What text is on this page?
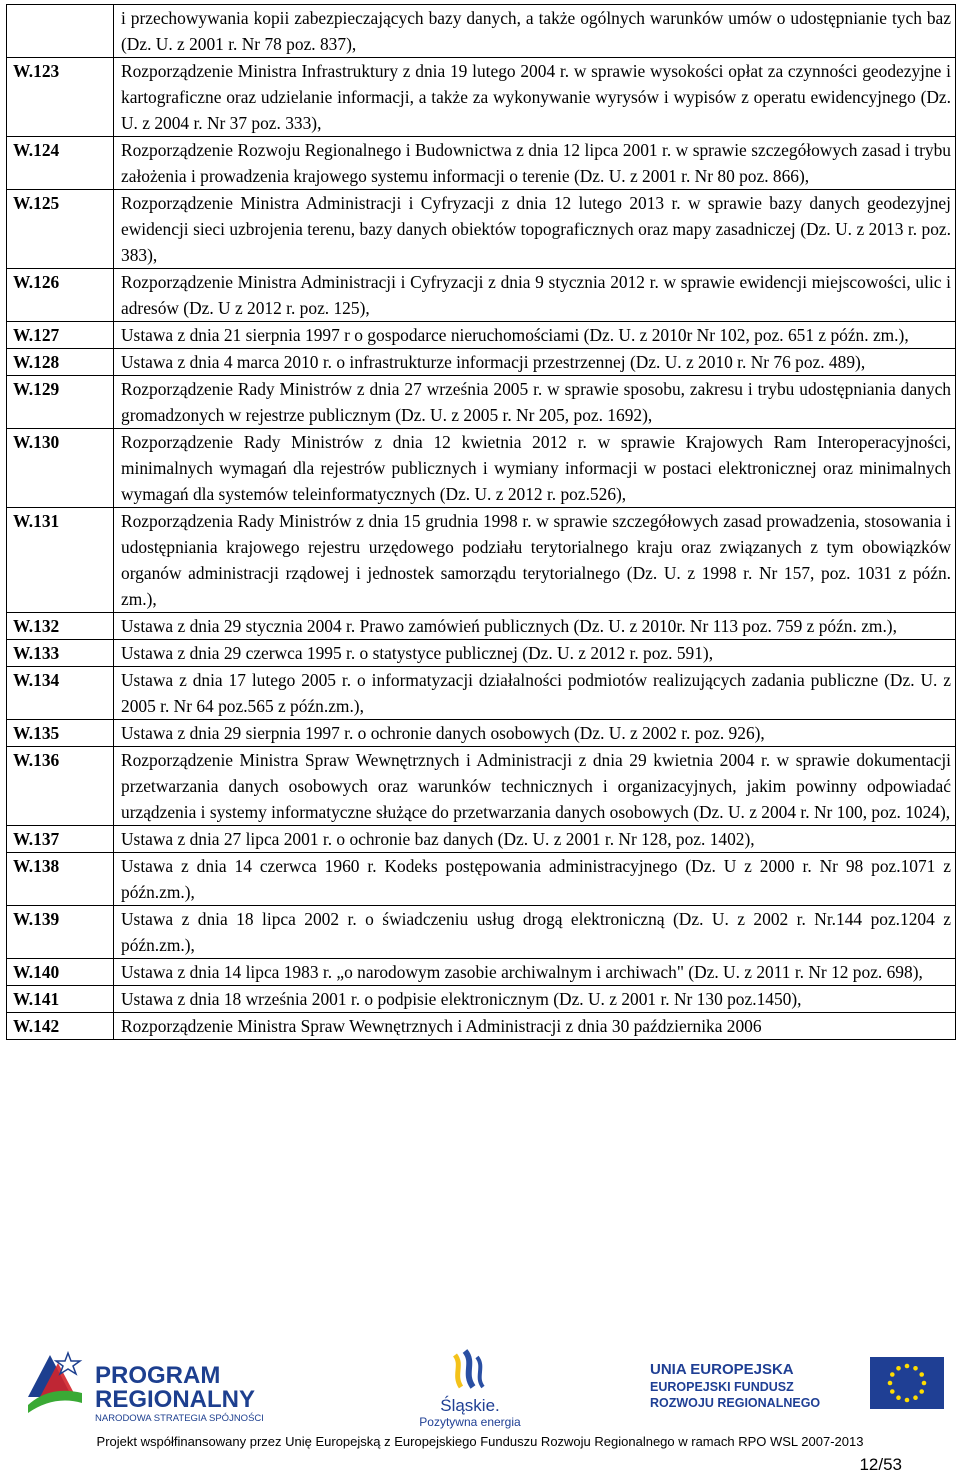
	i przechowywania kopii zabezpieczających bazy danych, a także ogólnych warunków umów o udostępnianie tych baz (Dz. U. z 2001 r. Nr 78 poz. 837),
W.123	Rozporządzenie Ministra Infrastruktury z dnia 19 lutego 2004 r. w sprawie wysokości opłat za czynności geodezyjne i kartograficzne oraz udzielanie informacji, a także za wykonywanie wyrysów i wypisów z operatu ewidencyjnego (Dz. U. z 2004 r. Nr 37 poz. 333),
W.124	Rozporządzenie Rozwoju Regionalnego i Budownictwa z dnia 12 lipca 2001 r. w sprawie szczegółowych zasad i trybu założenia i prowadzenia krajowego systemu informacji o terenie (Dz. U. z 2001 r. Nr 80 poz. 866),
W.125	Rozporządzenie Ministra Administracji i Cyfryzacji z dnia 12 lutego 2013 r. w sprawie bazy danych geodezyjnej ewidencji sieci uzbrojenia terenu, bazy danych obiektów topograficznych oraz mapy zasadniczej (Dz. U. z 2013 r. poz. 383),
W.126	Rozporządzenie Ministra Administracji i Cyfryzacji z dnia 9 stycznia 2012 r. w sprawie ewidencji miejscowości, ulic i adresów (Dz. U z 2012 r. poz. 125),
W.127	Ustawa z dnia 21 sierpnia 1997 r o gospodarce nieruchomościami (Dz. U. z 2010r Nr 102, poz. 651 z późn. zm.),
W.128	Ustawa z dnia 4 marca 2010 r. o infrastrukturze informacji przestrzennej (Dz. U. z 2010 r. Nr 76 poz. 489),
W.129	Rozporządzenie Rady Ministrów z dnia 27 września 2005 r. w sprawie sposobu, zakresu i trybu udostępniania danych gromadzonych w rejestrze publicznym (Dz. U. z 2005 r. Nr 205, poz. 1692),
W.130	Rozporządzenie Rady Ministrów z dnia 12 kwietnia 2012 r. w sprawie Krajowych Ram Interoperacyjności, minimalnych wymagań dla rejestrów publicznych i wymiany informacji w postaci elektronicznej oraz minimalnych wymagań dla systemów teleinformatycznych (Dz. U. z 2012 r. poz.526),
W.131	Rozporządzenia Rady Ministrów z dnia 15 grudnia 1998 r. w sprawie szczegółowych zasad prowadzenia, stosowania i udostępniania krajowego rejestru urzędowego podziału terytorialnego kraju oraz związanych z tym obowiązków organów administracji rządowej i jednostek samorządu terytorialnego (Dz. U. z 1998 r. Nr 157, poz. 1031 z późn. zm.),
W.132	Ustawa z dnia 29 stycznia 2004 r. Prawo zamówień publicznych (Dz. U. z 2010r. Nr 113 poz. 759 z późn. zm.),
W.133	Ustawa z dnia 29 czerwca 1995 r. o statystyce publicznej (Dz. U. z 2012 r. poz. 591),
W.134	Ustawa z dnia 17 lutego 2005 r. o informatyzacji działalności podmiotów realizujących zadania publiczne (Dz. U. z 2005 r. Nr 64 poz.565 z późn.zm.),
W.135	Ustawa z dnia 29 sierpnia 1997 r. o ochronie danych osobowych (Dz. U. z 2002 r. poz. 926),
W.136	Rozporządzenie Ministra Spraw Wewnętrznych i Administracji z dnia 29 kwietnia 2004 r. w sprawie dokumentacji przetwarzania danych osobowych oraz warunków technicznych i organizacyjnych, jakim powinny odpowiadać urządzenia i systemy informatyczne służące do przetwarzania danych osobowych (Dz. U. z 2004 r. Nr 100, poz. 1024),
W.137	Ustawa z dnia 27 lipca 2001 r. o ochronie baz danych (Dz. U. z 2001 r. Nr 128, poz. 1402),
W.138	Ustawa z dnia 14 czerwca 1960 r. Kodeks postępowania administracyjnego (Dz. U z 2000 r. Nr 98 poz.1071 z późn.zm.),
W.139	Ustawa z dnia 18 lipca 2002 r. o świadczeniu usług drogą elektroniczną (Dz. U. z 2002 r. Nr.144 poz.1204 z późn.zm.),
W.140	Ustawa z dnia 14 lipca 1983 r. „o narodowym zasobie archiwalnym i archiwach" (Dz. U. z 2011 r. Nr 12 poz. 698),
W.141	Ustawa z dnia 18 września 2001 r. o podpisie elektronicznym (Dz. U. z 2001 r. Nr 130 poz.1450),
W.142	Rozporządzenie Ministra Spraw Wewnętrznych i Administracji z dnia 30 października 2006
PROGRAM
REGIONALNY
NARODOWA STRATEGIA SPÓJNOŚCI
Śląskie.
Pozytywna energia
UNIA EUROPEJSKA
EUROPEJSKI FUNDUSZ
ROZWOJU REGIONALNEGO
Projekt współfinansowany przez Unię Europejską z Europejskiego Funduszu Rozwoju Regionalnego w ramach RPO WSL 2007-2013
12/53
